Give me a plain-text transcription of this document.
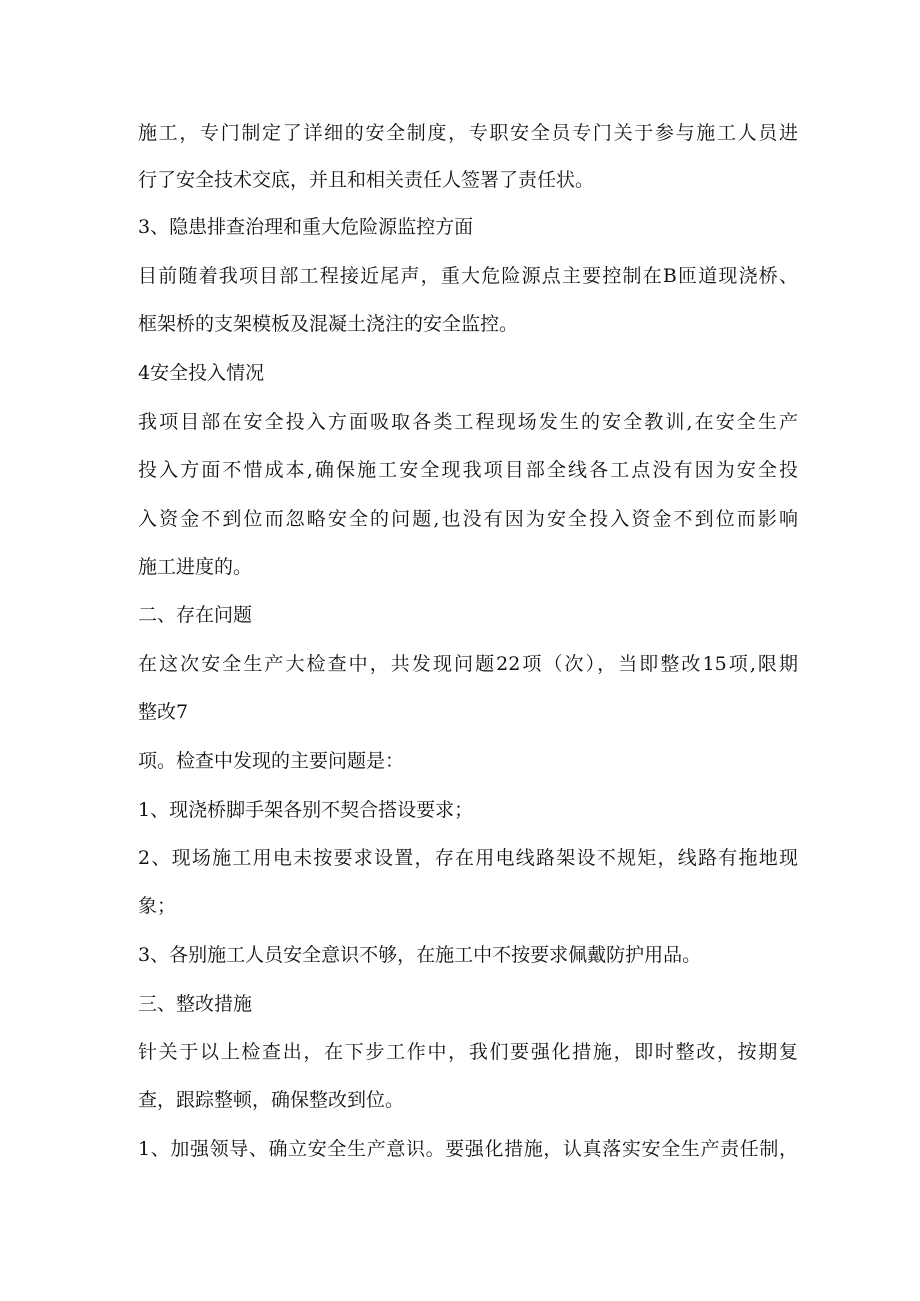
施工，专门制定了详细的安全制度，专职安全员专门关于参与施工人员进
行了安全技术交底，并且和相关责任人签署了责任状。
3、隐患排查治理和重大危险源监控方面
目前随着我项目部工程接近尾声，重大危险源点主要控制在B匝道现浇桥、
框架桥的支架模板及混凝土浇注的安全监控。
4安全投入情况
我项目部在安全投入方面吸取各类工程现场发生的安全教训,在安全生产
投入方面不惜成本,确保施工安全现我项目部全线各工点没有因为安全投
入资金不到位而忽略安全的问题,也没有因为安全投入资金不到位而影响
施工进度的。
二、存在问题
在这次安全生产大检查中，共发现问题22项（次），当即整改15项,限期
整改7
项。检查中发现的主要问题是：
1、现浇桥脚手架各别不契合搭设要求；
2、现场施工用电未按要求设置，存在用电线路架设不规矩，线路有拖地现
象；
3、各别施工人员安全意识不够，在施工中不按要求佩戴防护用品。
三、整改措施
针关于以上检查出，在下步工作中，我们要强化措施，即时整改，按期复
查，跟踪整顿，确保整改到位。
1、加强领导、确立安全生产意识。要强化措施，认真落实安全生产责任制，
